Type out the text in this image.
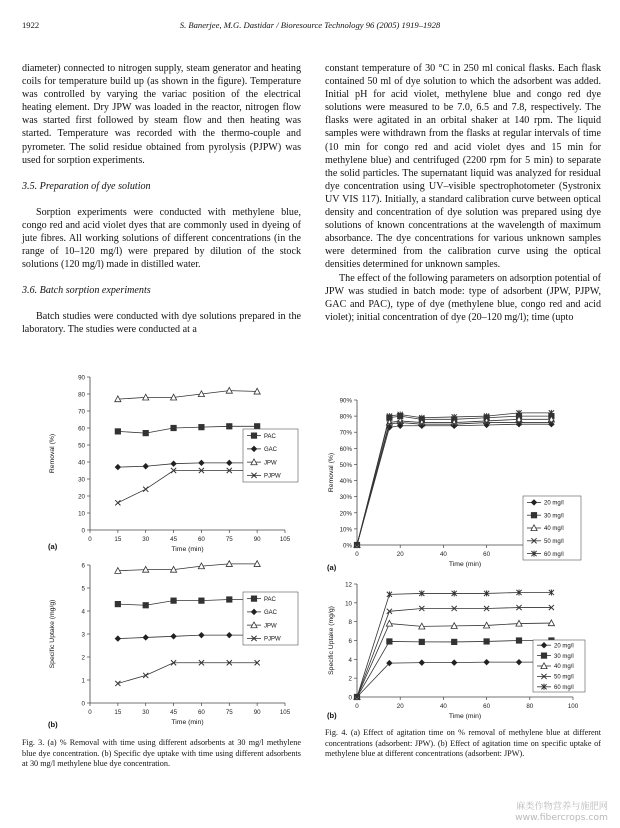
1922	S. Banerjee, M.G. Dastidar / Bioresource Technology 96 (2005) 1919–1928

diameter) connected to nitrogen supply, steam generator and heating coils for temperature build up (as shown in the figure). Temperature was controlled by varying the variac position of the electrical heating element. Dry JPW was loaded in the reactor, nitrogen flow was started first followed by steam flow and then heating was started. Temperature was recorded with the thermo-couple and pyrometer. The solid residue obtained from pyrolysis (PJPW) was used for sorption experiments.

3.5. Preparation of dye solution

Sorption experiments were conducted with methylene blue, congo red and acid violet dyes that are commonly used in dyeing of jute fibres. All working solutions of different concentrations (in the range of 10–120 mg/l) were prepared by dilution of the stock solutions (120 mg/l) made in distilled water.

3.6. Batch sorption experiments

Batch studies were conducted with dye solutions prepared in the laboratory. The studies were conducted at a

constant temperature of 30 °C in 250 ml conical flasks. Each flask contained 50 ml of dye solution to which the adsorbent was added. Initial pH for acid violet, methylene blue and congo red dye solutions were measured to be 7.0, 6.5 and 7.8, respectively. The flasks were agitated in an orbital shaker at 140 rpm. The liquid samples were withdrawn from the flasks at regular intervals of time (10 min for congo red and acid violet dyes and 15 min for methylene blue) and centrifuged (2200 rpm for 5 min) to separate the solid particles. The supernatant liquid was analyzed for residual dye concentration using UV–visible spectrophotometer (Systronix UV VIS 117). Initially, a standard calibration curve between optical density and concentration of dye solution was prepared using dye solutions of known concentrations at the wavelength of maximum absorbance. The dye concentrations for various unknown samples were determined from the calibration curve using the optical densities determined for unknown samples.

The effect of the following parameters on adsorption potential of JPW was studied in batch mode: type of adsorbent (JPW, PJPW, GAC and PAC), type of dye (methylene blue, congo red and acid violet); initial concentration of dye (20–120 mg/l); time (upto

0
10
20
30
40
50
60
70
80
90
0	15	30	45	60	75	90	105
Time (min)
Removal (%)
(a)
PAC
GAC
JPW
PJPW
0
1
2
3
4
5
6
0	15	30	45	60	75	90	105
Time (min)
Specific Uptake (mg/g)
(b)
PAC
GAC
JPW
PJPW
0%
10%
20%
30%
40%
50%
60%
70%
80%
90%
0	20	40	60
Time (min)
Removal (%)
(a)
20 mg/l
30 mg/l
40 mg/l
50 mg/l
60 mg/l
0
2
4
6
8
10
12
0	20	40	60	80	100
Time (min)
Specific Uptake (mg/g)
(b)
20 mg/l
30 mg/l
40 mg/l
50 mg/l
60 mg/l
Fig. 3. (a) % Removal with time using different adsorbents at 30 mg/l methylene blue dye concentration. (b) Specific dye uptake with time using different adsorbents at 30 mg/l methylene blue dye concentration.
Fig. 4. (a) Effect of agitation time on % removal of methylene blue at different concentrations (adsorbent: JPW). (b) Effect of agitation time on specific uptake of methylene blue at different concentrations (adsorbent: JPW).
麻类作物营养与施肥网
www.fibercrops.com
